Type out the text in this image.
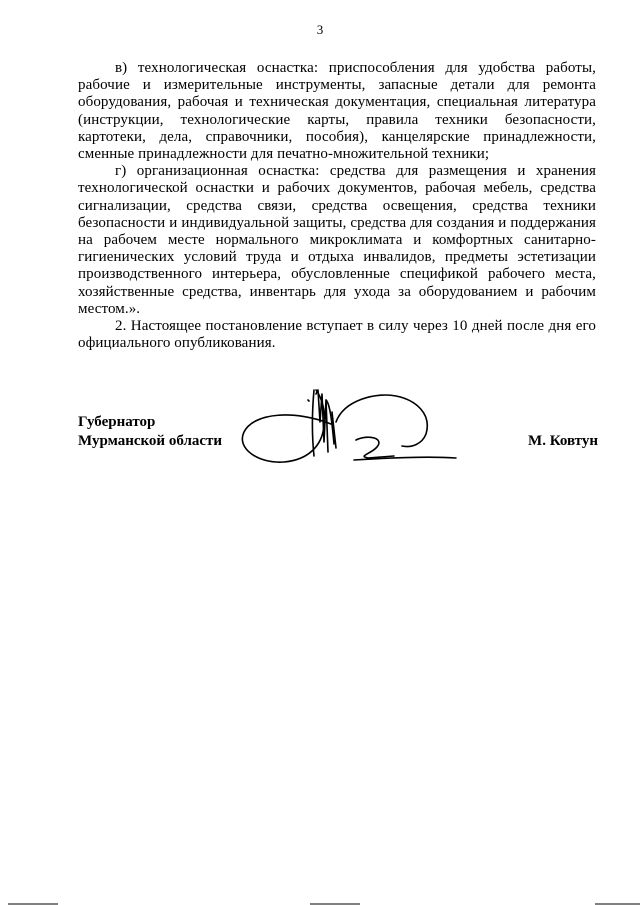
3

в) технологическая оснастка: приспособления для удобства работы, рабочие и измерительные инструменты, запасные детали для ремонта оборудования, рабочая и техническая документация, специальная литература (инструкции, технологические карты, правила техники безопасности, картотеки, дела, справочники, пособия), канцелярские принадлежности, сменные принадлежности для печатно-множительной техники;

г) организационная оснастка: средства для размещения и хранения технологической оснастки и рабочих документов, рабочая мебель, средства сигнализации, средства связи, средства освещения, средства техники безопасности и индивидуальной защиты, средства для создания и поддержания на рабочем месте нормального микроклимата и комфортных санитарно-гигиенических условий труда и отдыха инвалидов, предметы эстетизации производственного интерьера, обусловленные спецификой рабочего места, хозяйственные средства, инвентарь для ухода за оборудованием и рабочим местом.».

2. Настоящее постановление вступает в силу через 10 дней после дня его официального опубликования.

Губернатор
Мурманской области	М. Ковтун
